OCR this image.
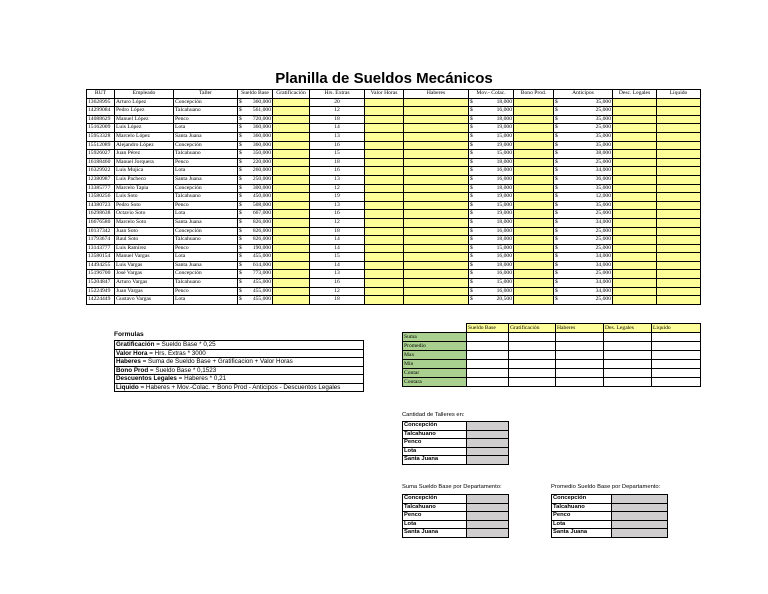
Planilla de Sueldos Mecánicos
RUT	Empleado	Taller	Sueldo Base	Gratificación	Hrs. Extras	Valor Horas	Haberes	Mov.- Colac.	Bono Prod.	Anticipos	Desc. Legales	Líquido
13628995	Arturo López	Concepción	$ 360,000		20			$ 18,000		$ 35,000		

14299084	Pedro López	Talcahuano	$ 561,000		12			$ 16,000		$ 25,000		

14088629	Manuel López	Penco	$ 720,000		18			$ 18,000		$ 35,000		

15162009	Luis López	Lota	$ 360,000		14			$ 19,000		$ 25,000		

15953328	Marcelo López	Santa Juana	$ 360,000		13			$ 15,000		$ 35,000		

15512089	Alejandro López	Concepción	$ 360,000		16			$ 19,000		$ 35,000		

15926027	Juan Pérez	Talcahuano	$ 350,000		15			$ 15,000		$ 38,000		

16188460	Manuel Jorquera	Penco	$ 220,000		18			$ 18,000		$ 25,000		

16329922	Luis Mujica	Lota	$ 260,000		16			$ 16,000		$ 34,000		

12380987	Luis Pacheco	Santa Juana	$ 250,000		13			$ 16,000		$ 36,000		

13385777	Marcelo Tapia	Concepción	$ 300,000		12			$ 18,000		$ 35,000		

13580256	Luis Soto	Talcahuano	$ 450,000		19			$ 19,000		$ 12,000		

14380723	Pedro Soto	Penco	$ 508,000		13			$ 15,000		$ 35,000		

16298638	Octavio Soto	Lota	$ 667,000		16			$ 19,000		$ 25,000		

16676580	Marcelo Soto	Santa Juana	$ 826,000		12			$ 18,000		$ 34,000		

10137342	Juan Soto	Concepción	$ 826,000		18			$ 16,000		$ 25,000		

11793674	Raul Soto	Talcahuano	$ 826,000		14			$ 18,000		$ 25,000		

13143777	Luis Ramírez	Penco	$ 190,000		14			$ 15,000		$ 25,000		

13580154	Manuel Vargas	Lota	$ 455,000		15			$ 16,000		$ 34,000		

14494255	Luis Vargas	Santa Juana	$ 614,000		14			$ 18,000		$ 34,000		

15196700	José Vargas	Concepción	$ 773,000		13			$ 16,000		$ 25,000		

15204847	Arturo Vargas	Talcahuano	$ 455,000		16			$ 15,000		$ 34,000		

15224949	Juan Vargas	Penco	$ 455,000		12			$ 16,000		$ 34,000		

14224449	Gustavo Vargas	Lota	$ 455,000		18			$ 20,500		$ 25,000		

Formulas
Gratificación = Sueldo Base * 0,25
Valor Hora = Hrs. Extras * 3000
Haberes = Suma de Sueldo Base + Gratificacion + Valor Horas
Bono Prod = Sueldo Base * 0,1523
Descuentos Legales = Haberes * 0,21
Liquido = Haberes + Mov.-Colac. + Bono Prod - Anticipos - Descuentos Legales
	Sueldo Base	Gratificación	Haberes	Des. Legales	Liquido
Suma					
Promedio					
Max					
Min					
Contar					
Contara					
Cantidad de Talleres en:
Concepción	
Talcahuano	
Penco	
Lota	
Santa Juana	
Suma Sueldo Base por Departamento:
Concepción	
Talcahuano	
Penco	
Lota	
Santa Juana	
Promedio Sueldo Base por Departamento:
Concepción	
Talcahuano	
Penco	
Lota	
Santa Juana	
